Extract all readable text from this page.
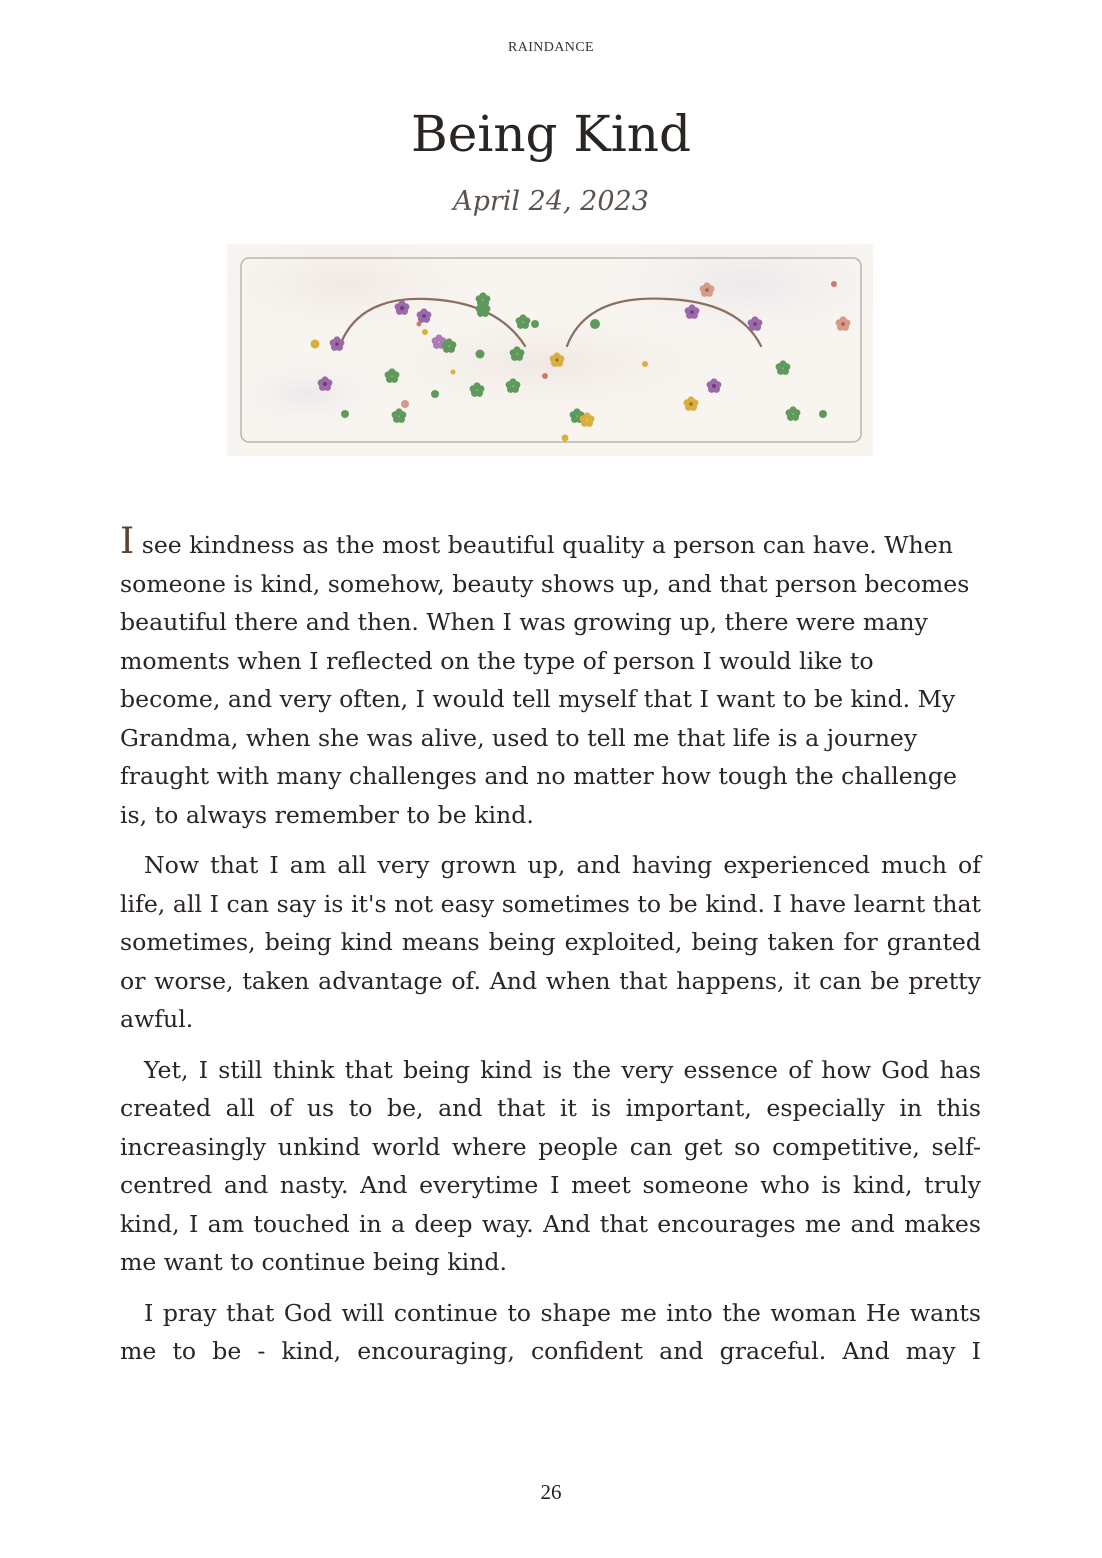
RAINDANCE
Being Kind
April 24, 2023

I see kindness as the most beautiful quality a person can have. When someone is kind, somehow, beauty shows up, and that person becomes beautiful there and then. When I was growing up, there were many moments when I reflected on the type of person I would like to become, and very often, I would tell myself that I want to be kind. My Grandma, when she was alive, used to tell me that life is a journey fraught with many challenges and no matter how tough the challenge is, to always remember to be kind.

Now that I am all very grown up, and having experienced much of life, all I can say is it's not easy sometimes to be kind. I have learnt that sometimes, being kind means being exploited, being taken for granted or worse, taken advantage of. And when that happens, it can be pretty awful.

Yet, I still think that being kind is the very essence of how God has created all of us to be, and that it is important, especially in this increasingly unkind world where people can get so competitive, self-centred and nasty. And everytime I meet someone who is kind, truly kind, I am touched in a deep way. And that encourages me and makes me want to continue being kind.

I pray that God will continue to shape me into the woman He wants me to be - kind, encouraging, confident and graceful. And may I

26
